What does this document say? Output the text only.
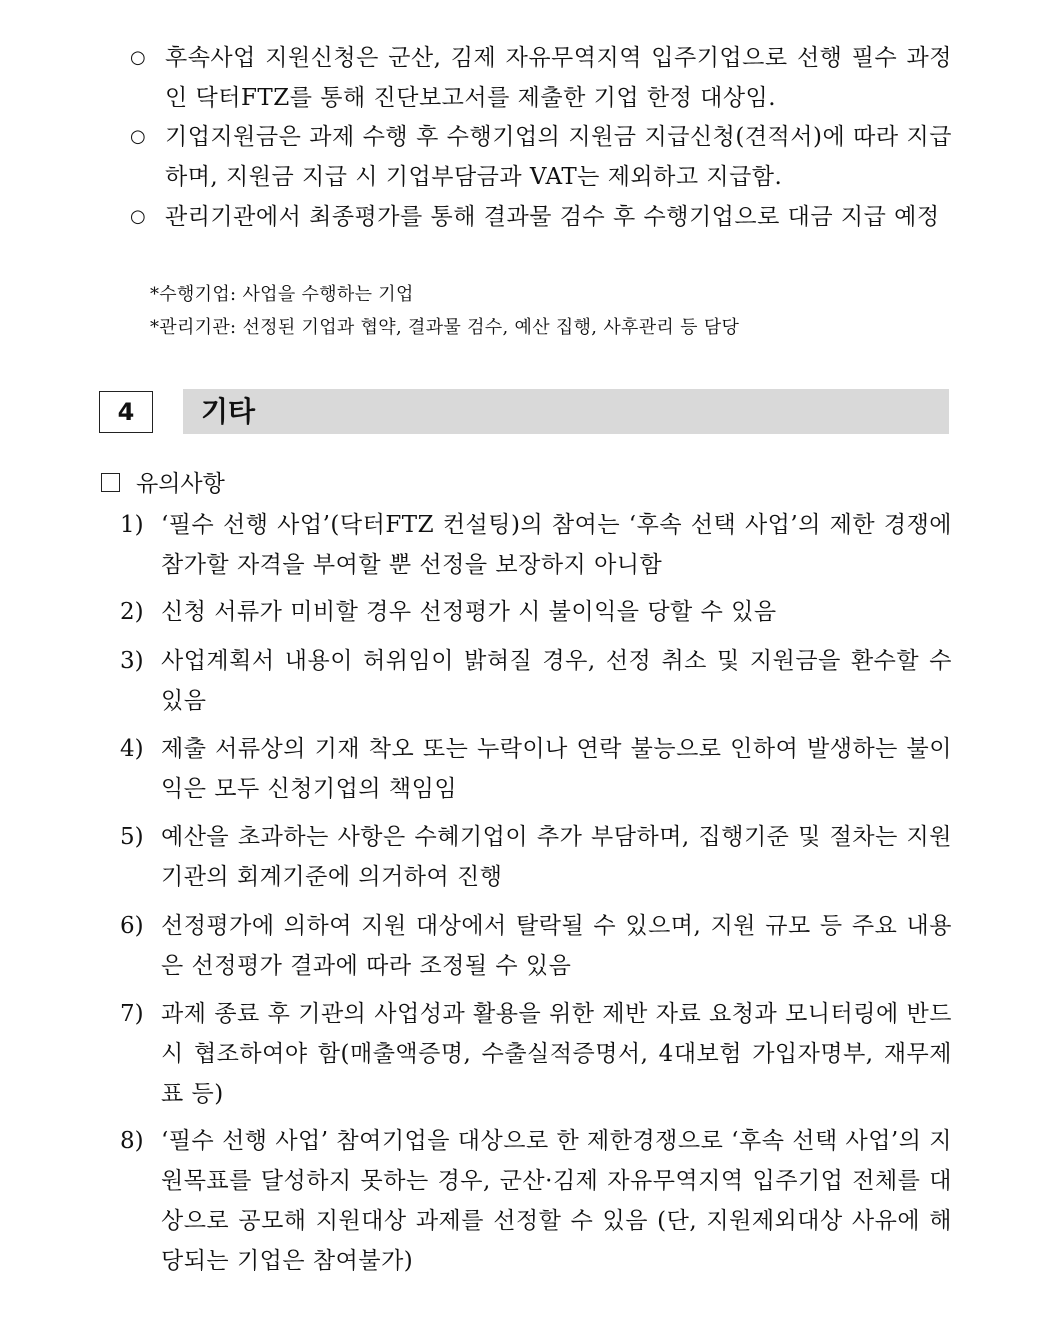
○ 후속사업 지원신청은 군산, 김제 자유무역지역 입주기업으로 선행 필수 과정인 닥터FTZ를 통해 진단보고서를 제출한 기업 한정 대상임.
○ 기업지원금은 과제 수행 후 수행기업의 지원금 지급신청(견적서)에 따라 지급하며, 지원금 지급 시 기업부담금과 VAT는 제외하고 지급함.
○ 관리기관에서 최종평가를 통해 결과물 검수 후 수행기업으로 대금 지급 예정
*수행기업: 사업을 수행하는 기업
*관리기관: 선정된 기업과 협약, 결과물 검수, 예산 집행, 사후관리 등 담당
4	기타
유의사항
1) ‘필수 선행 사업’(닥터FTZ 컨설팅)의 참여는 ‘후속 선택 사업’의 제한 경쟁에 참가할 자격을 부여할 뿐 선정을 보장하지 아니함
2) 신청 서류가 미비할 경우 선정평가 시 불이익을 당할 수 있음
3) 사업계획서 내용이 허위임이 밝혀질 경우, 선정 취소 및 지원금을 환수할 수 있음
4) 제출 서류상의 기재 착오 또는 누락이나 연락 불능으로 인하여 발생하는 불이익은 모두 신청기업의 책임임
5) 예산을 초과하는 사항은 수혜기업이 추가 부담하며, 집행기준 및 절차는 지원기관의 회계기준에 의거하여 진행
6) 선정평가에 의하여 지원 대상에서 탈락될 수 있으며, 지원 규모 등 주요 내용은 선정평가 결과에 따라 조정될 수 있음
7) 과제 종료 후 기관의 사업성과 활용을 위한 제반 자료 요청과 모니터링에 반드시 협조하여야 함(매출액증명, 수출실적증명서, 4대보험 가입자명부, 재무제표 등)
8) ‘필수 선행 사업’ 참여기업을 대상으로 한 제한경쟁으로 ‘후속 선택 사업’의 지원목표를 달성하지 못하는 경우, 군산·김제 자유무역지역 입주기업 전체를 대상으로 공모해 지원대상 과제를 선정할 수 있음 (단, 지원제외대상 사유에 해당되는 기업은 참여불가)
